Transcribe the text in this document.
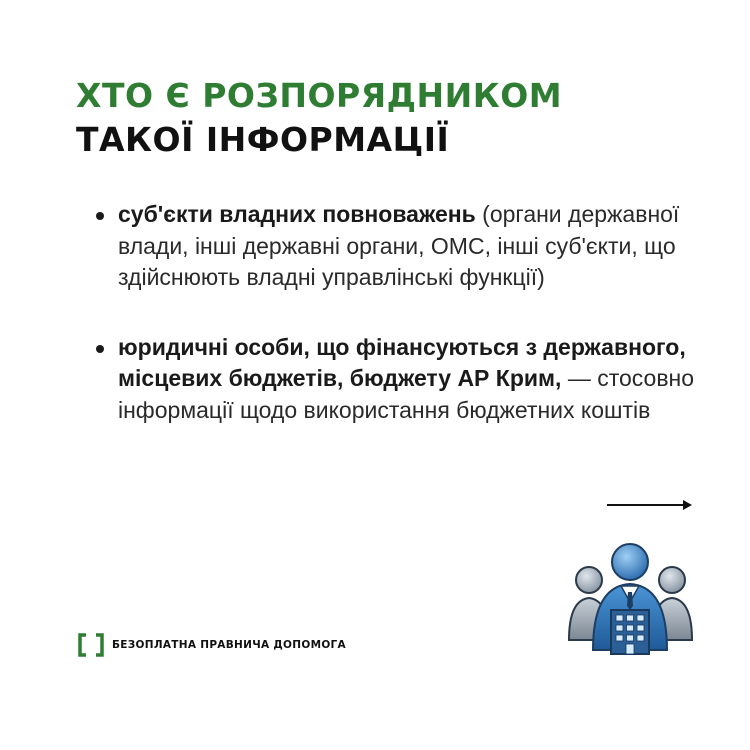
ХТО Є РОЗПОРЯДНИКОМ
ТАКОЇ ІНФОРМАЦІЇ
суб'єкти владних повноважень (органи державної влади, інші державні органи, ОМС, інші суб'єкти, що здійснюють владні управлінські функції)
юридичні особи, що фінансуються з державного, місцевих бюджетів, бюджету АР Крим, — стосовно інформації щодо використання бюджетних коштів
БЕЗОПЛАТНА ПРАВНИЧА ДОПОМОГА
